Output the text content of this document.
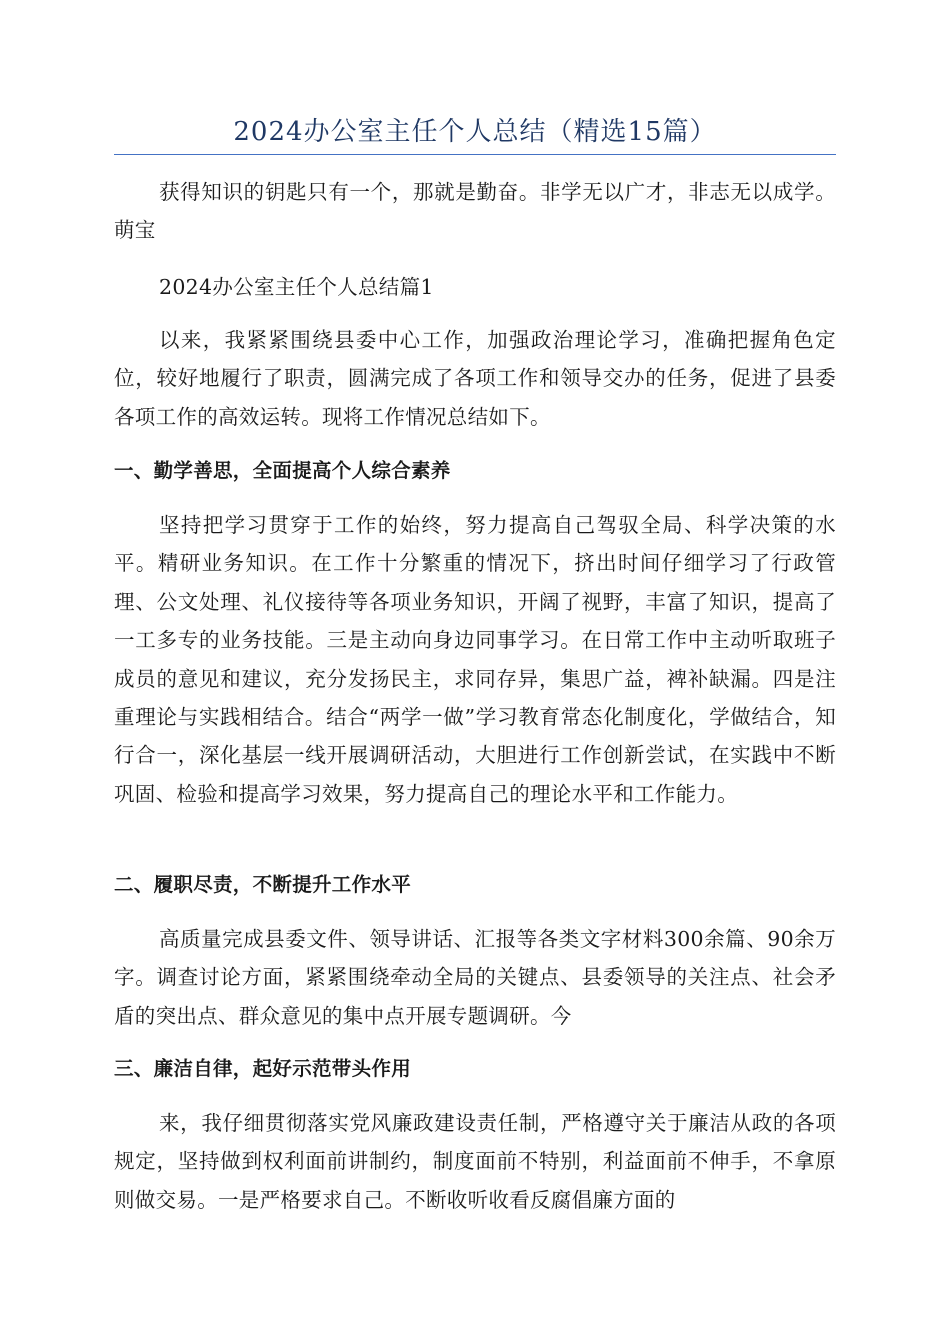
2024办公室主任个人总结（精选15篇）

获得知识的钥匙只有一个，那就是勤奋。非学无以广才，非志无以成学。萌宝

2024办公室主任个人总结篇1

以来，我紧紧围绕县委中心工作，加强政治理论学习，准确把握角色定位，较好地履行了职责，圆满完成了各项工作和领导交办的任务，促进了县委各项工作的高效运转。现将工作情况总结如下。

一、勤学善思，全面提高个人综合素养

坚持把学习贯穿于工作的始终，努力提高自己驾驭全局、科学决策的水平。精研业务知识。在工作十分繁重的情况下，挤出时间仔细学习了行政管理、公文处理、礼仪接待等各项业务知识，开阔了视野，丰富了知识，提高了一工多专的业务技能。三是主动向身边同事学习。在日常工作中主动听取班子成员的意见和建议，充分发扬民主，求同存异，集思广益，裨补缺漏。四是注重理论与实践相结合。结合“两学一做”学习教育常态化制度化，学做结合，知行合一，深化基层一线开展调研活动，大胆进行工作创新尝试，在实践中不断巩固、检验和提高学习效果，努力提高自己的理论水平和工作能力。

二、履职尽责，不断提升工作水平

高质量完成县委文件、领导讲话、汇报等各类文字材料300余篇、90余万字。调查讨论方面，紧紧围绕牵动全局的关键点、县委领导的关注点、社会矛盾的突出点、群众意见的集中点开展专题调研。今

三、廉洁自律，起好示范带头作用

来，我仔细贯彻落实党风廉政建设责任制，严格遵守关于廉洁从政的各项规定，坚持做到权利面前讲制约，制度面前不特别，利益面前不伸手，不拿原则做交易。一是严格要求自己。不断收听收看反腐倡廉方面的
